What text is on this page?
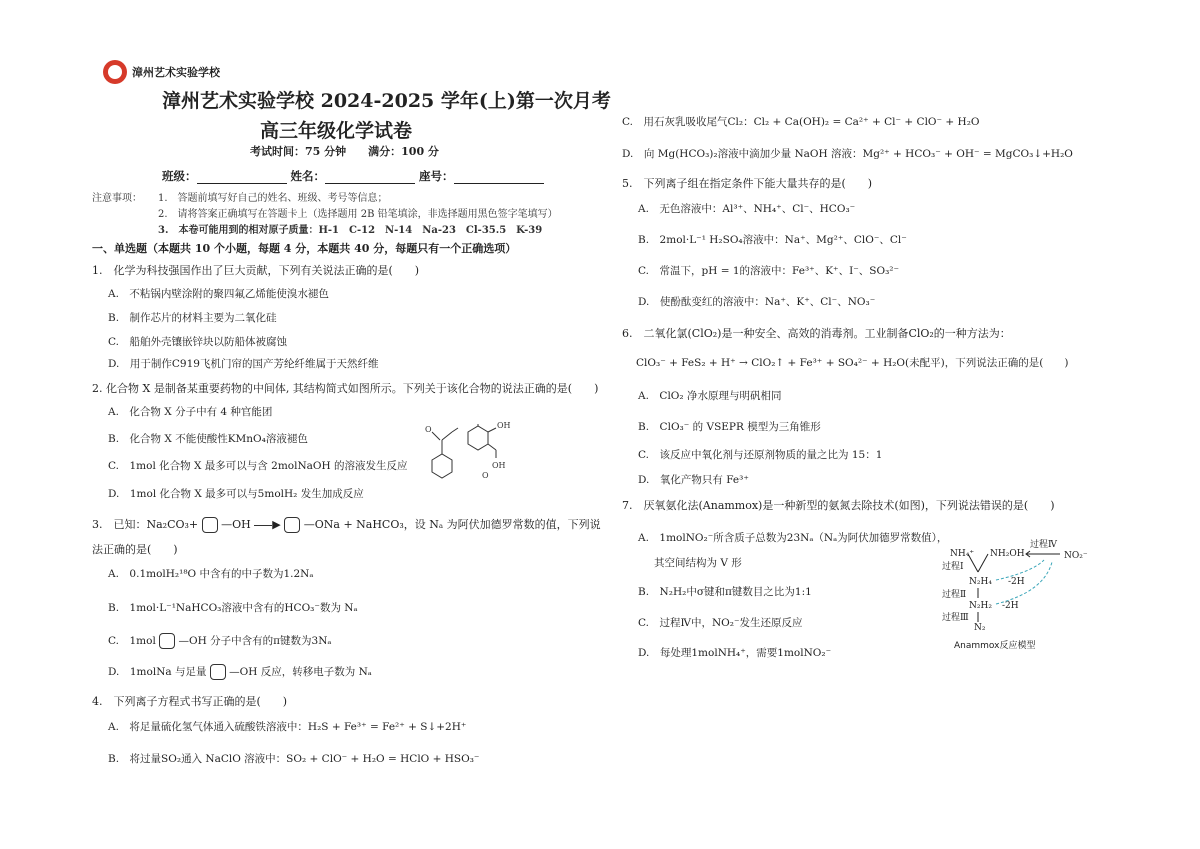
漳州艺术实验学校
漳州艺术实验学校 2024-2025 学年(上)第一次月考
高三年级化学试卷
考试时间：75 分钟　　满分：100 分
班级：	姓名：	座号：
注意事项： 1.　答题前填写好自己的姓名、班级、考号等信息；
2.　请将答案正确填写在答题卡上（选择题用 2B 铅笔填涂，非选择题用黑色签字笔填写）
3.　本卷可能用到的相对原子质量：H-1　C-12　N-14　Na-23　Cl-35.5　K-39
一、单选题（本题共 10 个小题，每题 4 分，本题共 40 分，每题只有一个正确选项）
1.　化学为科技强国作出了巨大贡献，下列有关说法正确的是(　　)
A.　不粘锅内壁涂附的聚四氟乙烯能使溴水褪色
B.　制作芯片的材料主要为二氧化硅
C.　船舶外壳镶嵌锌块以防船体被腐蚀
D.　用于制作C919飞机门帘的国产芳纶纤维属于天然纤维
2. 化合物 X 是制备某重要药物的中间体, 其结构简式如图所示。下列关于该化合物的说法正确的是(　　)
A.　化合物 X 分子中有 4 种官能团
B.　化合物 X 不能使酸性KMnO₄溶液褪色
C.　1mol 化合物 X 最多可以与含 2molNaOH 的溶液发生反应
D.　1mol 化合物 X 最多可以与5molH₂ 发生加成反应
O	OH
OH
O
3.　已知：Na₂CO₃+ —OH ▶ —ONa + NaHCO₃，设 Nₐ 为阿伏加德罗常数的值，下列说
法正确的是(　　)
A.　0.1molH₂¹⁸O 中含有的中子数为1.2Nₐ
B.　1mol·L⁻¹NaHCO₃溶液中含有的HCO₃⁻数为 Nₐ
C.　1mol —OH 分子中含有的π键数为3Nₐ
D.　1molNa 与足量 —OH 反应，转移电子数为 Nₐ
4.　下列离子方程式书写正确的是(　　)
A.　将足量硫化氢气体通入硫酸铁溶液中：H₂S + Fe³⁺ = Fe²⁺ + S↓+2H⁺
B.　将过量SO₂通入 NaClO 溶液中：SO₂ + ClO⁻ + H₂O = HClO + HSO₃⁻
C.　用石灰乳吸收尾气Cl₂：Cl₂ + Ca(OH)₂ = Ca²⁺ + Cl⁻ + ClO⁻ + H₂O
D.　向 Mg(HCO₃)₂溶液中滴加少量 NaOH 溶液：Mg²⁺ + HCO₃⁻ + OH⁻ = MgCO₃↓+H₂O
5.　下列离子组在指定条件下能大量共存的是(　　)
A.　无色溶液中：Al³⁺、NH₄⁺、Cl⁻、HCO₃⁻
B.　2mol·L⁻¹ H₂SO₄溶液中：Na⁺、Mg²⁺、ClO⁻、Cl⁻
C.　常温下，pH = 1的溶液中：Fe³⁺、K⁺、I⁻、SO₃²⁻
D.　使酚酞变红的溶液中：Na⁺、K⁺、Cl⁻、NO₃⁻
6.　二氧化氯(ClO₂)是一种安全、高效的消毒剂。工业制备ClO₂的一种方法为：
ClO₃⁻ + FeS₂ + H⁺ → ClO₂↑ + Fe³⁺ + SO₄²⁻ + H₂O(未配平)，下列说法正确的是(　　)
A.　ClO₂ 净水原理与明矾相同
B.　ClO₃⁻ 的 VSEPR 模型为三角锥形
C.　该反应中氧化剂与还原剂物质的量之比为 15：1
D.　氧化产物只有 Fe³⁺
7.　厌氧氨化法(Anammox)是一种新型的氨氮去除技术(如图)，下列说法错误的是(　　)
A.　1molNO₂⁻所含质子总数为23Nₐ（Nₐ为阿伏加德罗常数值），
其空间结构为 V 形
B.　N₂H₂中σ键和π键数目之比为1:1
C.　过程Ⅳ中，NO₂⁻发生还原反应
D.　每处理1molNH₄⁺，需要1molNO₂⁻
NH₄⁺ NH₂OH	NO₂⁻
过程Ⅳ
过程Ⅰ
N₂H₄ -2H
过程Ⅱ
N₂H₂ -2H
过程Ⅲ
N₂
Anammox反应模型
